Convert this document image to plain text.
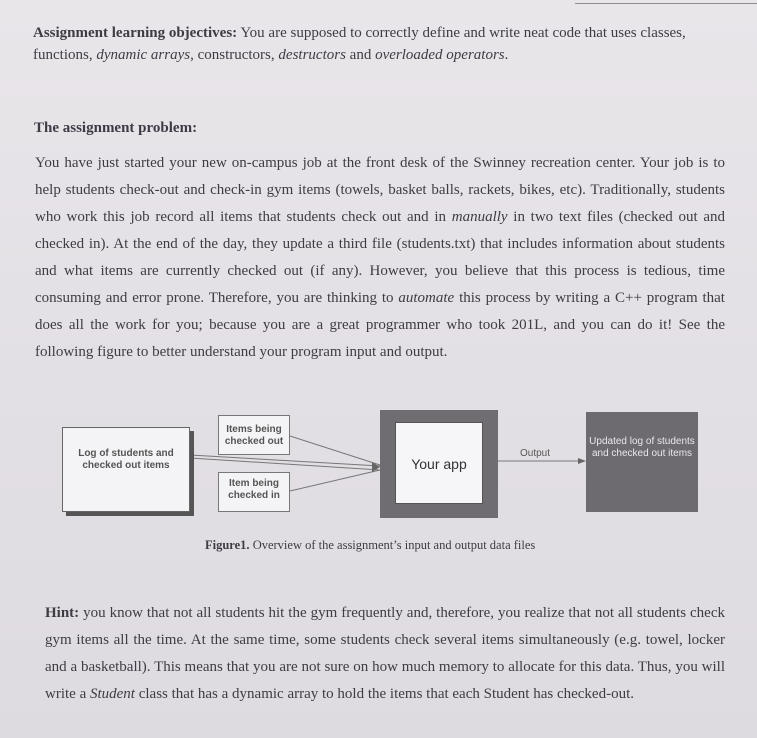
Assignment learning objectives: You are supposed to correctly define and write neat code that uses classes, functions, dynamic arrays, constructors, destructors and overloaded operators.
The assignment problem:
You have just started your new on-campus job at the front desk of the Swinney recreation center. Your job is to help students check-out and check-in gym items (towels, basket balls, rackets, bikes, etc). Traditionally, students who work this job record all items that students check out and in manually in two text files (checked out and checked in). At the end of the day, they update a third file (students.txt) that includes information about students and what items are currently checked out (if any). However, you believe that this process is tedious, time consuming and error prone. Therefore, you are thinking to automate this process by writing a C++ program that does all the work for you; because you are a great programmer who took 201L, and you can do it! See the following figure to better understand your program input and output.
Log of students and checked out items
Items being checked out
Item being checked in
Your app
Output
Updated log of students and checked out items
Figure1. Overview of the assignment’s input and output data files
Hint: you know that not all students hit the gym frequently and, therefore, you realize that not all students check gym items all the time. At the same time, some students check several items simultaneously (e.g. towel, locker and a basketball). This means that you are not sure on how much memory to allocate for this data. Thus, you will write a Student class that has a dynamic array to hold the items that each Student has checked-out.
